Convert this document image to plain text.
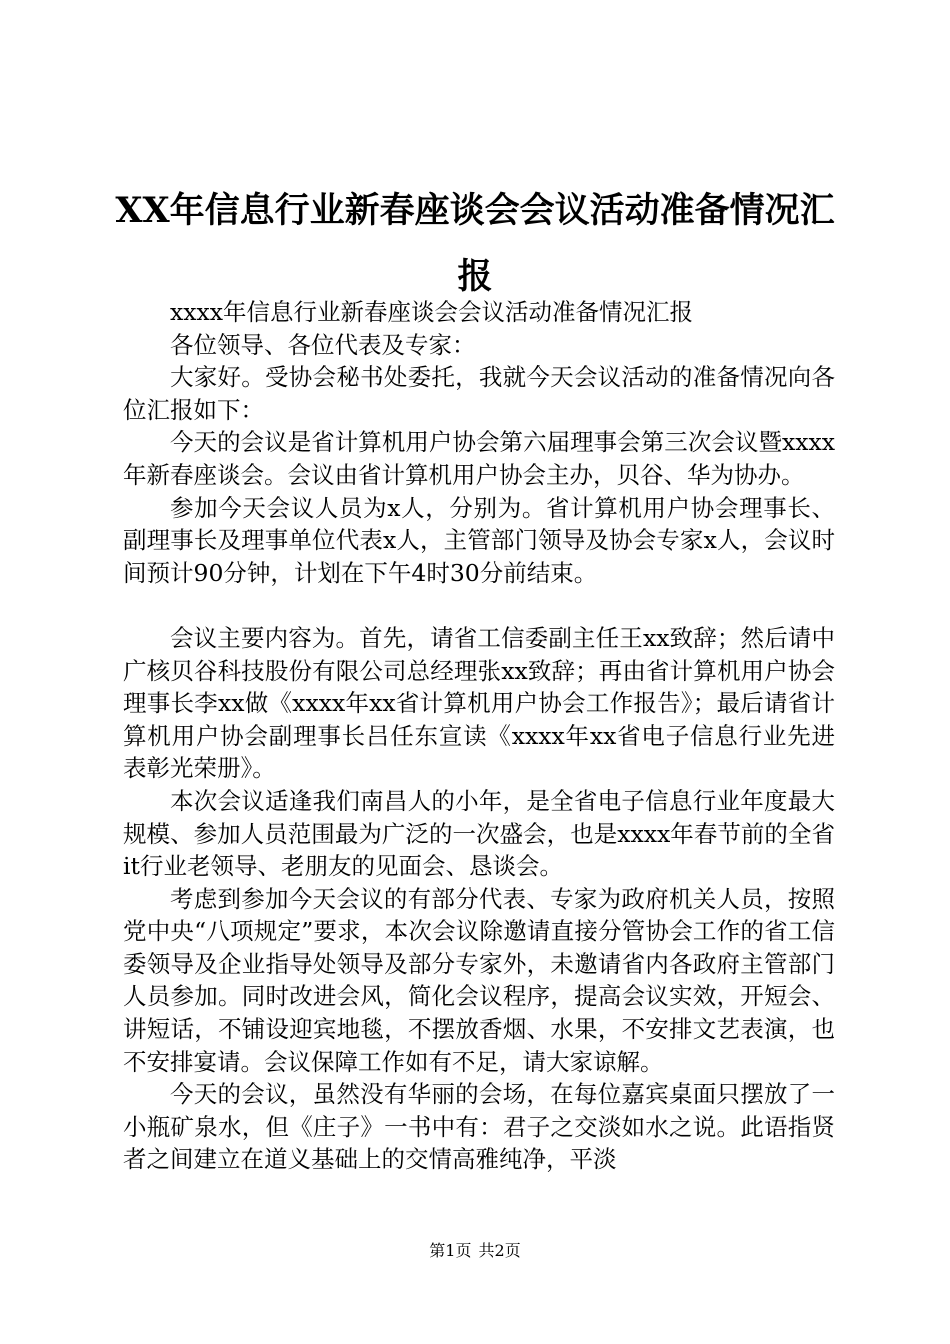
XX年信息行业新春座谈会会议活动准备情况汇报

xxxx年信息行业新春座谈会会议活动准备情况汇报

各位领导、各位代表及专家：

大家好。受协会秘书处委托，我就今天会议活动的准备情况向各位汇报如下：

今天的会议是省计算机用户协会第六届理事会第三次会议暨xxxx年新春座谈会。会议由省计算机用户协会主办，贝谷、华为协办。

参加今天会议人员为x人，分别为。省计算机用户协会理事长、副理事长及理事单位代表x人，主管部门领导及协会专家x人，会议时间预计90分钟，计划在下午4时30分前结束。

会议主要内容为。首先，请省工信委副主任王xx致辞；然后请中广核贝谷科技股份有限公司总经理张xx致辞；再由省计算机用户协会理事长李xx做《xxxx年xx省计算机用户协会工作报告》；最后请省计算机用户协会副理事长吕任东宣读《xxxx年xx省电子信息行业先进表彰光荣册》。

本次会议适逢我们南昌人的小年，是全省电子信息行业年度最大规模、参加人员范围最为广泛的一次盛会，也是xxxx年春节前的全省it行业老领导、老朋友的见面会、恳谈会。

考虑到参加今天会议的有部分代表、专家为政府机关人员，按照党中央“八项规定”要求，本次会议除邀请直接分管协会工作的省工信委领导及企业指导处领导及部分专家外，未邀请省内各政府主管部门人员参加。同时改进会风，简化会议程序，提高会议实效，开短会、讲短话，不铺设迎宾地毯，不摆放香烟、水果，不安排文艺表演，也不安排宴请。会议保障工作如有不足，请大家谅解。

今天的会议，虽然没有华丽的会场，在每位嘉宾桌面只摆放了一小瓶矿泉水，但《庄子》一书中有：君子之交淡如水之说。此语指贤者之间建立在道义基础上的交情高雅纯净，平淡

第1页 共2页
